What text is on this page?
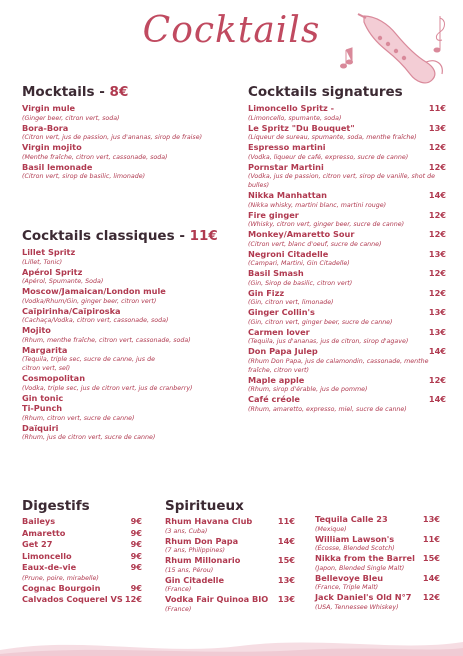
Cocktails
Mocktails - 8€
Virgin mule
(Ginger beer, citron vert, soda)
Bora-Bora
(Citron vert, jus de passion, jus d'ananas, sirop de fraise)
Virgin mojito
(Menthe fraîche, citron vert, cassonade, soda)
Basil lemonade
(Citron vert, sirop de basilic, limonade)
Cocktails classiques - 11€
Lillet Spritz
(Lillet, Tonic)
Apérol Spritz
(Apérol, Spumante, Soda)
Moscow/Jamaican/London mule
(Vodka/Rhum/Gin, ginger beer, citron vert)
Caïpirinha/Caïpiroska
(Cachaça/Vodka, citron vert, cassonade, soda)
Mojito
(Rhum, menthe fraîche, citron vert, cassonade, soda)
Margarita
(Tequila, triple sec, sucre de canne, jus de citron vert, sel)
Cosmopolitan
(Vodka, triple sec, jus de citron vert, jus de cranberry)
Gin tonic
Ti-Punch
(Rhum, citron vert, sucre de canne)
Daïquiri
(Rhum, jus de citron vert, sucre de canne)
Cocktails signatures
Limoncello Spritz -	11€
(Limoncello, spumante, soda)
Le Spritz "Du Bouquet"	13€
(Liqueur de sureau, spumante, soda, menthe fraîche)
Espresso martini	12€
(Vodka, liqueur de café, expresso, sucre de canne)
Pornstar Martini	12€
(Vodka, jus de passion, citron vert, sirop de vanille, shot de bulles)
Nikka Manhattan	14€
(Nikka whisky, martini blanc, martini rouge)
Fire ginger	12€
(Whisky, citron vert, ginger beer, sucre de canne)
Monkey/Amaretto Sour	12€
(Citron vert, blanc d'oeuf, sucre de canne)
Negroni Citadelle	13€
(Campari, Martini, Gin Citadelle)
Basil Smash	12€
(Gin, Sirop de basilic, citron vert)
Gin Fizz	12€
(Gin, citron vert, limonade)
Ginger Collin's	13€
(Gin, citron vert, ginger beer, sucre de canne)
Carmen lover	13€
(Tequila, jus d'ananas, jus de citron, sirop d'agave)
Don Papa Julep	14€
(Rhum Don Papa, jus de calamondin, cassonade, menthe fraîche, citron vert)
Maple apple	12€
(Rhum, sirop d'érable, jus de pomme)
Café créole	14€
(Rhum, amaretto, expresso, miel, sucre de canne)
Digestifs
Baileys	9€
Amaretto	9€
Get 27	9€
Limoncello	9€
Eaux-de-vie	9€
(Prune, poire, mirabelle)
Cognac Bourgoin	9€
Calvados Coquerel VS 12€
Spiritueux
Rhum Havana Club	11€
(3 ans, Cuba)
Rhum Don Papa	14€
(7 ans, Philippines)
Rhum Millonario	15€
(15 ans, Pérou)
Gin Citadelle	13€
(France)
Vodka Fair Quinoa BIO	13€
(France)
Tequila Calle 23	13€
(Mexique)
William Lawson's	11€
(Écosse, Blended Scotch)
Nikka from the Barrel 15€
(Japon, Blended Single Malt)
Bellevoye Bleu	14€
(France, Triple Malt)
Jack Daniel's Old N°7	12€
(USA, Tennessee Whiskey)
